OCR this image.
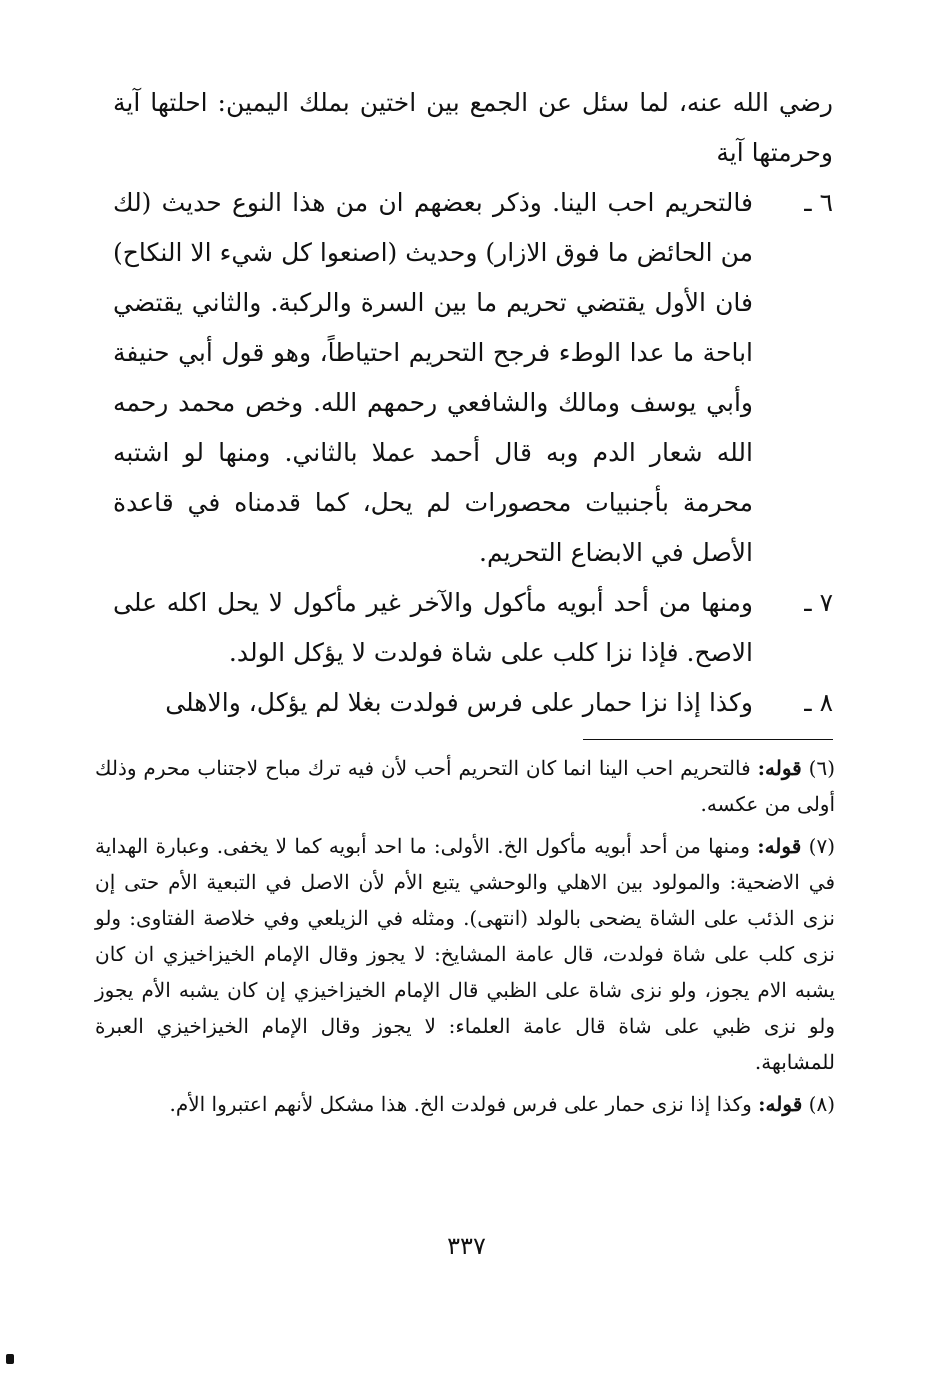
رضي الله عنه، لما سئل عن الجمع بين اختين بملك اليمين: احلتها آية وحرمتها آية

٦ ـ
فالتحريم احب الينا. وذكر بعضهم ان من هذا النوع حديث (لك من الحائض ما فوق الازار) وحديث (اصنعوا كل شيء الا النكاح) فان الأول يقتضي تحريم ما بين السرة والركبة. والثاني يقتضي اباحة ما عدا الوطء فرجح التحريم احتياطاً، وهو قول أبي حنيفة وأبي يوسف ومالك والشافعي رحمهم الله. وخص محمد رحمه الله شعار الدم وبه قال أحمد عملا بالثاني. ومنها لو اشتبه محرمة بأجنبيات محصورات لم يحل، كما قدمناه في قاعدة الأصل في الابضاع التحريم.

٧ ـ
ومنها من أحد أبويه مأكول والآخر غير مأكول لا يحل اكله على الاصح. فإذا نزا كلب على شاة فولدت لا يؤكل الولد.

٨ ـ
وكذا إذا نزا حمار على فرس فولدت بغلا لم يؤكل، والاهلى

(٦) قوله: فالتحريم احب الينا انما كان التحريم أحب لأن فيه ترك مباح لاجتناب محرم وذلك أولى من عكسه.

(٧) قوله: ومنها من أحد أبويه مأكول الخ. الأولى: ما احد أبويه كما لا يخفى. وعبارة الهداية في الاضحية: والمولود بين الاهلي والوحشي يتبع الأم لأن الاصل في التبعية الأم حتى إن نزى الذئب على الشاة يضحى بالولد (انتهى). ومثله في الزيلعي وفي خلاصة الفتاوى: ولو نزى كلب على شاة فولدت، قال عامة المشايخ: لا يجوز وقال الإمام الخيزاخيزي ان كان يشبه الام يجوز، ولو نزى شاة على الظبي قال الإمام الخيزاخيزي إن كان يشبه الأم يجوز ولو نزى ظبي على شاة قال عامة العلماء: لا يجوز وقال الإمام الخيزاخيزي العبرة للمشابهة.

(٨) قوله: وكذا إذا نزى حمار على فرس فولدت الخ. هذا مشكل لأنهم اعتبروا الأم.

٣٣٧
